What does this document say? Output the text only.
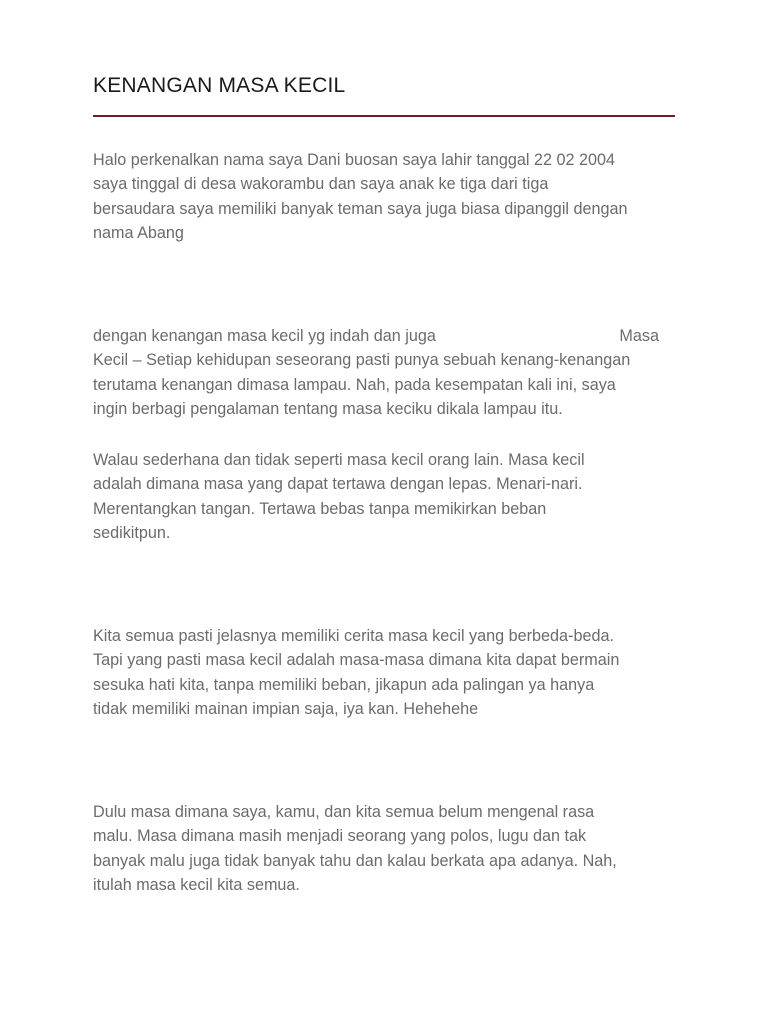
KENANGAN MASA KECIL

Halo perkenalkan nama saya Dani buosan saya lahir tanggal 22 02 2004
saya tinggal di desa wakorambu dan saya anak ke tiga dari tiga
bersaudara saya memiliki banyak teman saya juga biasa dipanggil dengan
nama Abang

dengan kenangan masa kecil yg indah dan juga	Masa
Kecil – Setiap kehidupan seseorang pasti punya sebuah kenang-kenangan
terutama kenangan dimasa lampau. Nah, pada kesempatan kali ini, saya
ingin berbagi pengalaman tentang masa keciku dikala lampau itu.

Walau sederhana dan tidak seperti masa kecil orang lain. Masa kecil
adalah dimana masa yang dapat tertawa dengan lepas. Menari-nari.
Merentangkan tangan. Tertawa bebas tanpa memikirkan beban
sedikitpun.

Kita semua pasti jelasnya memiliki cerita masa kecil yang berbeda-beda.
Tapi yang pasti masa kecil adalah masa-masa dimana kita dapat bermain
sesuka hati kita, tanpa memiliki beban, jikapun ada palingan ya hanya
tidak memiliki mainan impian saja, iya kan. Hehehehe

Dulu masa dimana saya, kamu, dan kita semua belum mengenal rasa
malu. Masa dimana masih menjadi seorang yang polos, lugu dan tak
banyak malu juga tidak banyak tahu dan kalau berkata apa adanya. Nah,
itulah masa kecil kita semua.
